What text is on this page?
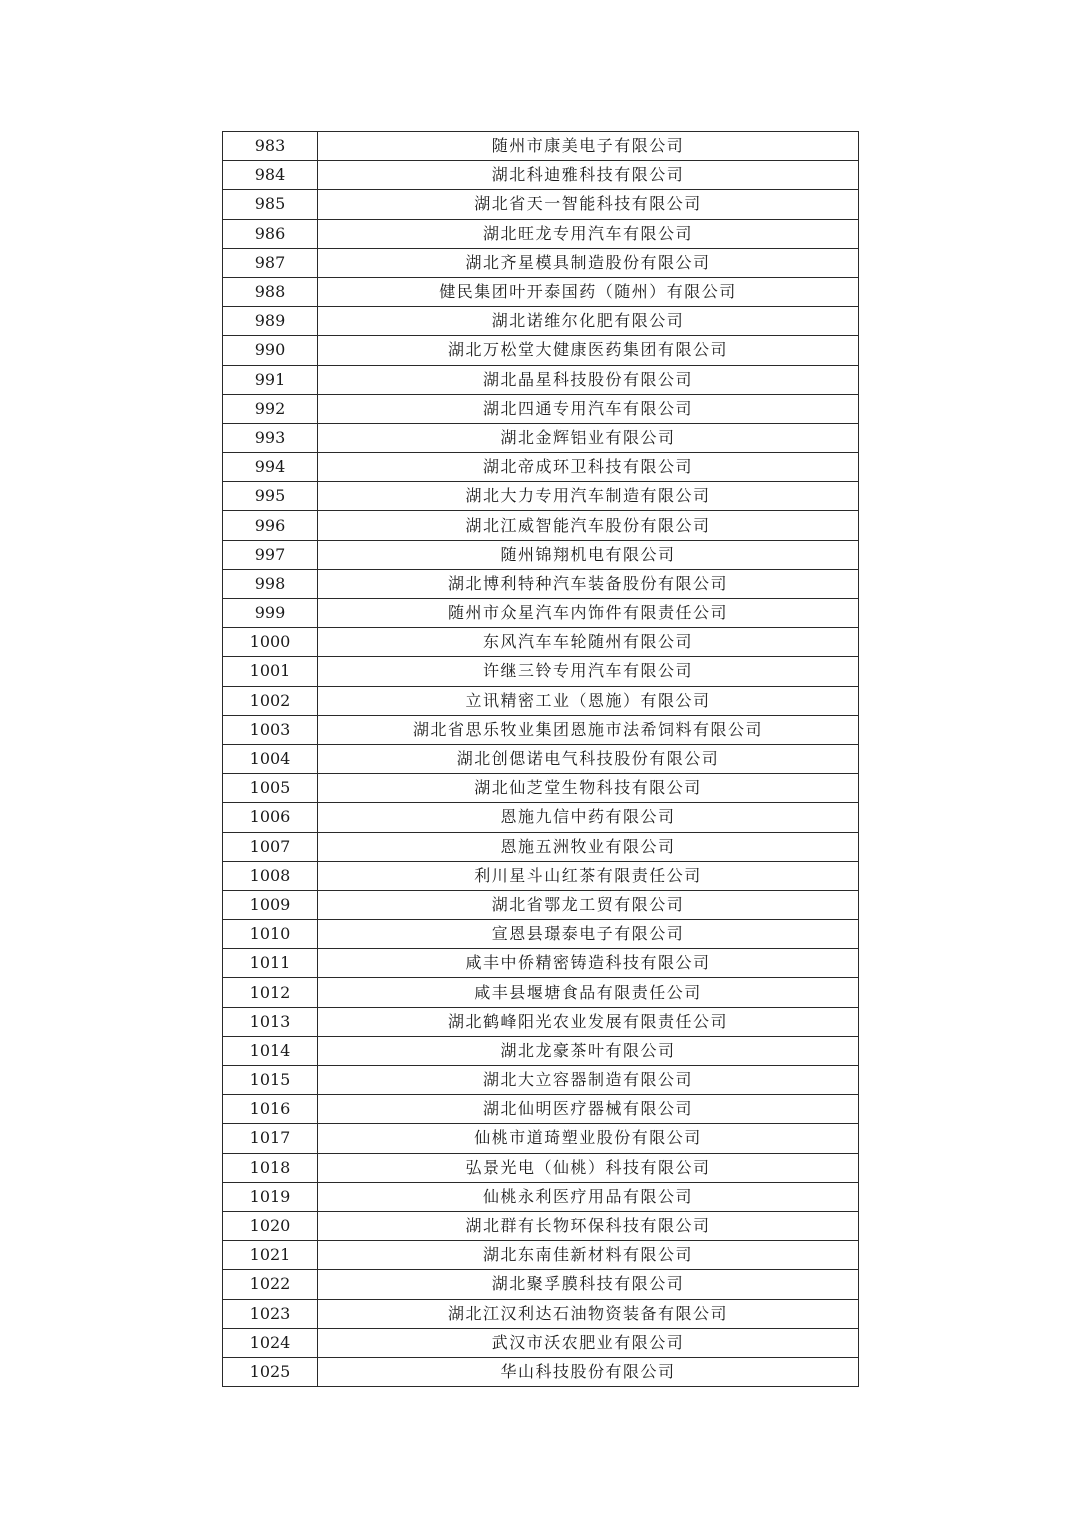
983	随州市康美电子有限公司
984	湖北科迪雅科技有限公司
985	湖北省天一智能科技有限公司
986	湖北旺龙专用汽车有限公司
987	湖北齐星模具制造股份有限公司
988	健民集团叶开泰国药（随州）有限公司
989	湖北诺维尔化肥有限公司
990	湖北万松堂大健康医药集团有限公司
991	湖北晶星科技股份有限公司
992	湖北四通专用汽车有限公司
993	湖北金辉铝业有限公司
994	湖北帝成环卫科技有限公司
995	湖北大力专用汽车制造有限公司
996	湖北江威智能汽车股份有限公司
997	随州锦翔机电有限公司
998	湖北博利特种汽车装备股份有限公司
999	随州市众星汽车内饰件有限责任公司
1000	东风汽车车轮随州有限公司
1001	许继三铃专用汽车有限公司
1002	立讯精密工业（恩施）有限公司
1003	湖北省思乐牧业集团恩施市法希饲料有限公司
1004	湖北创偲诺电气科技股份有限公司
1005	湖北仙芝堂生物科技有限公司
1006	恩施九信中药有限公司
1007	恩施五洲牧业有限公司
1008	利川星斗山红茶有限责任公司
1009	湖北省鄂龙工贸有限公司
1010	宣恩县璟泰电子有限公司
1011	咸丰中侨精密铸造科技有限公司
1012	咸丰县堰塘食品有限责任公司
1013	湖北鹤峰阳光农业发展有限责任公司
1014	湖北龙豪茶叶有限公司
1015	湖北大立容器制造有限公司
1016	湖北仙明医疗器械有限公司
1017	仙桃市道琦塑业股份有限公司
1018	弘景光电（仙桃）科技有限公司
1019	仙桃永利医疗用品有限公司
1020	湖北群有长物环保科技有限公司
1021	湖北东南佳新材料有限公司
1022	湖北聚孚膜科技有限公司
1023	湖北江汉利达石油物资装备有限公司
1024	武汉市沃农肥业有限公司
1025	华山科技股份有限公司
